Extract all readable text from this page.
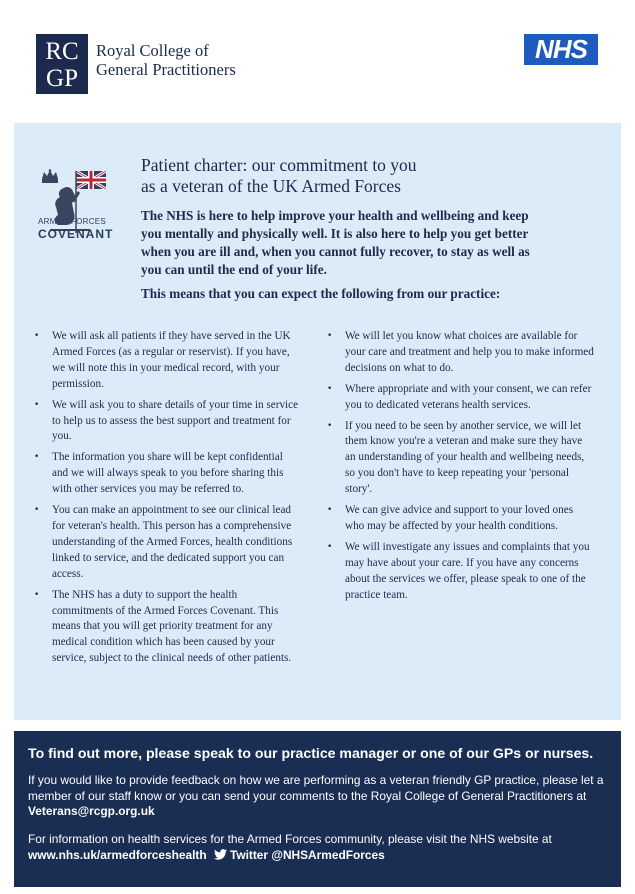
RC
GP
Royal College of
General Practitioners
NHS
ARMED FORCES
COVENANT
Patient charter: our commitment to you
as a veteran of the UK Armed Forces
The NHS is here to help improve your health and wellbeing and keep you mentally and physically well. It is also here to help you get better when you are ill and, when you cannot fully recover, to stay as well as you can until the end of your life.
This means that you can expect the following from our practice:
• We will ask all patients if they have served in the UK Armed Forces (as a regular or reservist). If you have, we will note this in your medical record, with your permission.
• We will ask you to share details of your time in service to help us to assess the best support and treatment for you.
• The information you share will be kept confidential and we will always speak to you before sharing this with other services you may be referred to.
• You can make an appointment to see our clinical lead for veteran's health. This person has a comprehensive understanding of the Armed Forces, health conditions linked to service, and the dedicated support you can access.
• The NHS has a duty to support the health commitments of the Armed Forces Covenant. This means that you will get priority treatment for any medical condition which has been caused by your service, subject to the clinical needs of other patients.
• We will let you know what choices are available for your care and treatment and help you to make informed decisions on what to do.
• Where appropriate and with your consent, we can refer you to dedicated veterans health services.
• If you need to be seen by another service, we will let them know you're a veteran and make sure they have an understanding of your health and wellbeing needs, so you don't have to keep repeating your 'personal story'.
• We can give advice and support to your loved ones who may be affected by your health conditions.
• We will investigate any issues and complaints that you may have about your care. If you have any concerns about the services we offer, please speak to one of the practice team.
To find out more, please speak to our practice manager or one of our GPs or nurses.
If you would like to provide feedback on how we are performing as a veteran friendly GP practice, please let a member of our staff know or you can send your comments to the Royal College of General Practitioners at Veterans@rcgp.org.uk
For information on health services for the Armed Forces community, please visit the NHS website at www.nhs.uk/armedforceshealth Twitter @NHSArmedForces
